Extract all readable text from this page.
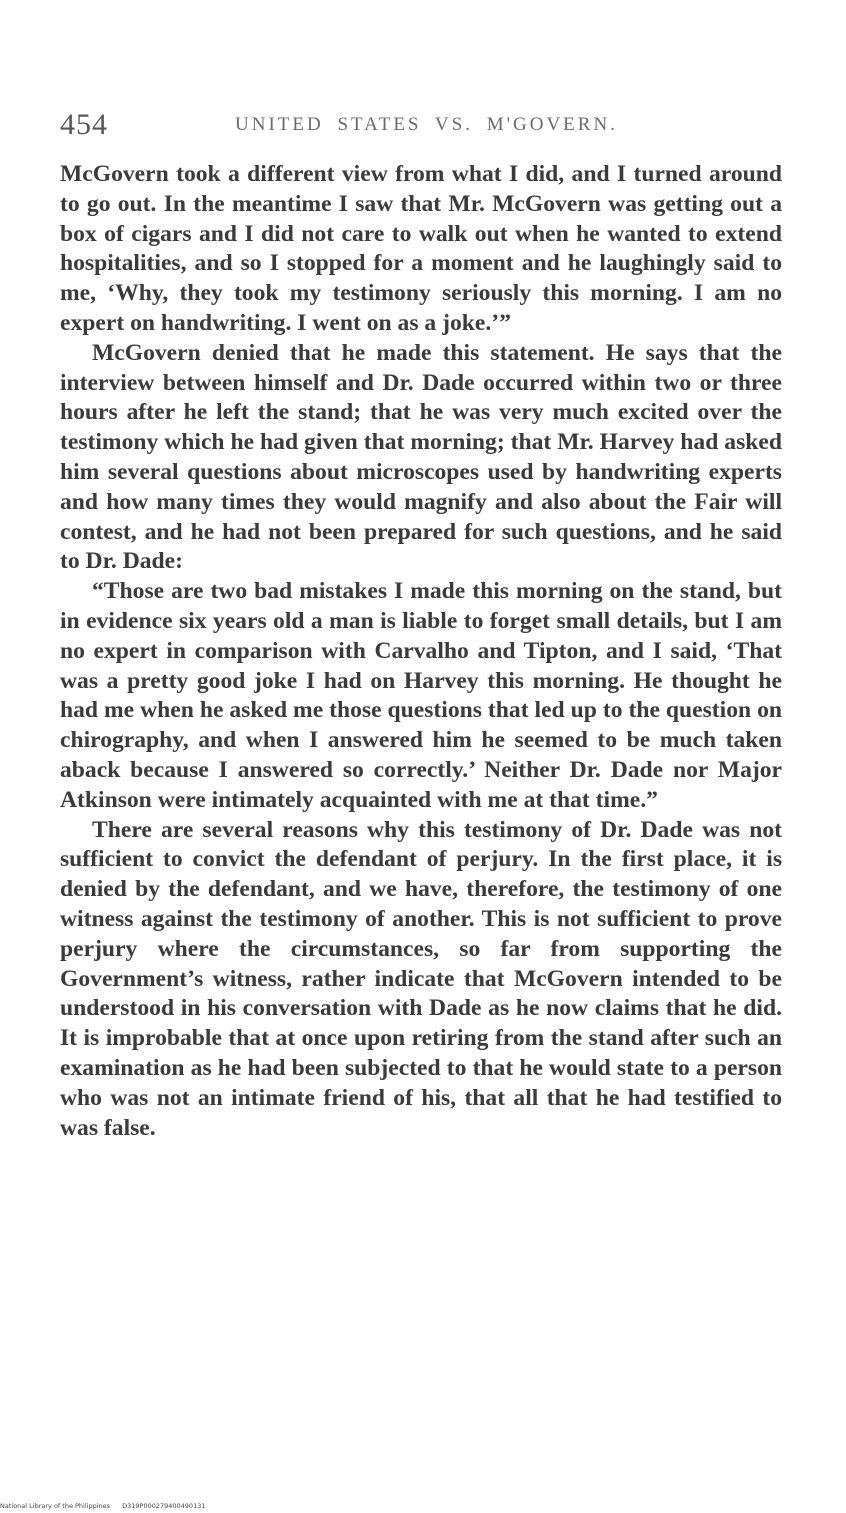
454	UNITED STATES VS. M'GOVERN.

McGovern took a different view from what I did, and I turned around to go out. In the meantime I saw that Mr. McGovern was getting out a box of cigars and I did not care to walk out when he wanted to extend hospitalities, and so I stopped for a moment and he laughingly said to me, ‘Why, they took my testimony seriously this morning. I am no expert on handwriting. I went on as a joke.’”

McGovern denied that he made this statement. He says that the interview between himself and Dr. Dade occurred within two or three hours after he left the stand; that he was very much excited over the testimony which he had given that morning; that Mr. Harvey had asked him several questions about microscopes used by handwriting experts and how many times they would magnify and also about the Fair will contest, and he had not been prepared for such questions, and he said to Dr. Dade:

“Those are two bad mistakes I made this morning on the stand, but in evidence six years old a man is liable to forget small details, but I am no expert in comparison with Carvalho and Tipton, and I said, ‘That was a pretty good joke I had on Harvey this morning. He thought he had me when he asked me those questions that led up to the question on chirography, and when I answered him he seemed to be much taken aback because I answered so correctly.’ Neither Dr. Dade nor Major Atkinson were intimately acquainted with me at that time.”

There are several reasons why this testimony of Dr. Dade was not sufficient to convict the defendant of perjury. In the first place, it is denied by the defendant, and we have, therefore, the testimony of one witness against the testimony of another. This is not sufficient to prove perjury where the circumstances, so far from supporting the Government’s witness, rather indicate that McGovern intended to be understood in his conversation with Dade as he now claims that he did. It is improbable that at once upon retiring from the stand after such an examination as he had been subjected to that he would state to a person who was not an intimate friend of his, that all that he had testified to was false.

National Library of the Philippines D319P000279400490131
